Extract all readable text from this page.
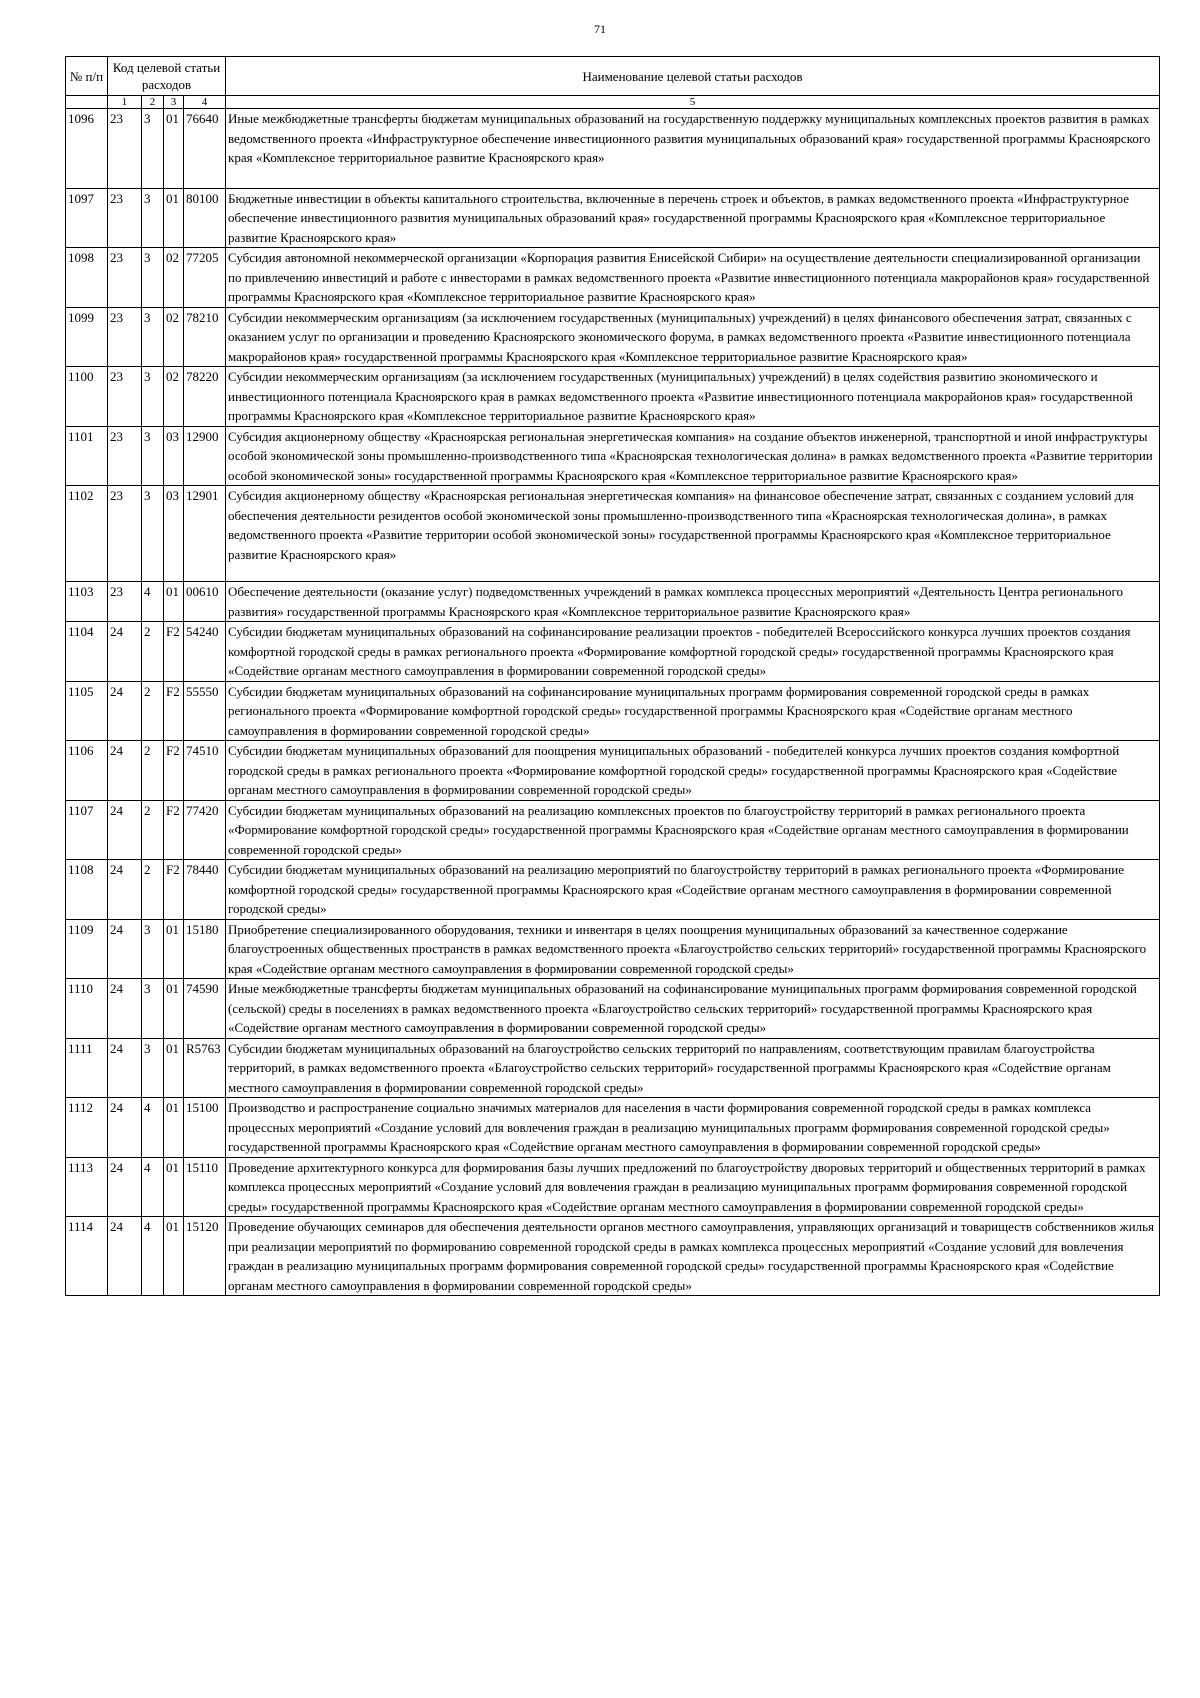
71
№ п/п	Код целевой статьи расходов				Наименование целевой статьи расходов
	1	2	3	4	5
1096	23	3	01	76640	Иные межбюджетные трансферты бюджетам муниципальных образований на государственную поддержку муниципальных комплексных проектов развития в рамках ведомственного проекта «Инфраструктурное обеспечение инвестиционного развития муниципальных образований края» государственной программы Красноярского края «Комплексное территориальное развитие Красноярского края»
1097	23	3	01	80100	Бюджетные инвестиции в объекты капитального строительства, включенные в перечень строек и объектов, в рамках ведомственного проекта «Инфраструктурное обеспечение инвестиционного развития муниципальных образований края» государственной программы Красноярского края «Комплексное территориальное развитие Красноярского края»
1098	23	3	02	77205	Субсидия автономной некоммерческой организации «Корпорация развития Енисейской Сибири» на осуществление деятельности специализированной организации по привлечению инвестиций и работе с инвесторами в рамках ведомственного проекта «Развитие инвестиционного потенциала макрорайонов края» государственной программы Красноярского края «Комплексное территориальное развитие Красноярского края»
1099	23	3	02	78210	Субсидии некоммерческим организациям (за исключением государственных (муниципальных) учреждений) в целях финансового обеспечения затрат, связанных с оказанием услуг по организации и проведению Красноярского экономического форума, в рамках ведомственного проекта «Развитие инвестиционного потенциала макрорайонов края» государственной программы Красноярского края «Комплексное территориальное развитие Красноярского края»
1100	23	3	02	78220	Субсидии некоммерческим организациям (за исключением государственных (муниципальных) учреждений) в целях содействия развитию экономического и инвестиционного потенциала Красноярского края в рамках ведомственного проекта «Развитие инвестиционного потенциала макрорайонов края» государственной программы Красноярского края «Комплексное территориальное развитие Красноярского края»
1101	23	3	03	12900	Субсидия акционерному обществу «Красноярская региональная энергетическая компания» на создание объектов инженерной, транспортной и иной инфраструктуры особой экономической зоны промышленно-производственного типа «Красноярская технологическая долина» в рамках ведомственного проекта «Развитие территории особой экономической зоны» государственной программы Красноярского края «Комплексное территориальное развитие Красноярского края»
1102	23	3	03	12901	Субсидия акционерному обществу «Красноярская региональная энергетическая компания» на финансовое обеспечение затрат, связанных с созданием условий для обеспечения деятельности резидентов особой экономической зоны промышленно-производственного типа «Красноярская технологическая долина», в рамках ведомственного проекта «Развитие территории особой экономической зоны» государственной программы Красноярского края «Комплексное территориальное развитие Красноярского края»
1103	23	4	01	00610	Обеспечение деятельности (оказание услуг) подведомственных учреждений в рамках комплекса процессных мероприятий «Деятельность Центра регионального развития» государственной программы Красноярского края «Комплексное территориальное развитие Красноярского края»
1104	24	2	F2	54240	Субсидии бюджетам муниципальных образований на софинансирование реализации проектов - победителей Всероссийского конкурса лучших проектов создания комфортной городской среды в рамках регионального проекта «Формирование комфортной городской среды» государственной программы Красноярского края «Содействие органам местного самоуправления в формировании современной городской среды»
1105	24	2	F2	55550	Субсидии бюджетам муниципальных образований на софинансирование муниципальных программ формирования современной городской среды в рамках регионального проекта «Формирование комфортной городской среды» государственной программы Красноярского края «Содействие органам местного самоуправления в формировании современной городской среды»
1106	24	2	F2	74510	Субсидии бюджетам муниципальных образований для поощрения муниципальных образований - победителей конкурса лучших проектов создания комфортной городской среды в рамках регионального проекта «Формирование комфортной городской среды» государственной программы Красноярского края «Содействие органам местного самоуправления в формировании современной городской среды»
1107	24	2	F2	77420	Субсидии бюджетам муниципальных образований на реализацию комплексных проектов по благоустройству территорий в рамках регионального проекта «Формирование комфортной городской среды» государственной программы Красноярского края «Содействие органам местного самоуправления в формировании современной городской среды»
1108	24	2	F2	78440	Субсидии бюджетам муниципальных образований на реализацию мероприятий по благоустройству территорий в рамках регионального проекта «Формирование комфортной городской среды» государственной программы Красноярского края «Содействие органам местного самоуправления в формировании современной городской среды»
1109	24	3	01	15180	Приобретение специализированного оборудования, техники и инвентаря в целях поощрения муниципальных образований за качественное содержание благоустроенных общественных пространств в рамках ведомственного проекта «Благоустройство сельских территорий» государственной программы Красноярского края «Содействие органам местного самоуправления в формировании современной городской среды»
1110	24	3	01	74590	Иные межбюджетные трансферты бюджетам муниципальных образований на софинансирование муниципальных программ формирования современной городской (сельской) среды в поселениях в рамках ведомственного проекта «Благоустройство сельских территорий» государственной программы Красноярского края «Содействие органам местного самоуправления в формировании современной городской среды»
1111	24	3	01	R5763	Субсидии бюджетам муниципальных образований на благоустройство сельских территорий по направлениям, соответствующим правилам благоустройства территорий, в рамках ведомственного проекта «Благоустройство сельских территорий» государственной программы Красноярского края «Содействие органам местного самоуправления в формировании современной городской среды»
1112	24	4	01	15100	Производство и распространение социально значимых материалов для населения в части формирования современной городской среды в рамках комплекса процессных мероприятий «Создание условий для вовлечения граждан в реализацию муниципальных программ формирования современной городской среды» государственной программы Красноярского края «Содействие органам местного самоуправления в формировании современной городской среды»
1113	24	4	01	15110	Проведение архитектурного конкурса для формирования базы лучших предложений по благоустройству дворовых территорий и общественных территорий в рамках комплекса процессных мероприятий «Создание условий для вовлечения граждан в реализацию муниципальных программ формирования современной городской среды» государственной программы Красноярского края «Содействие органам местного самоуправления в формировании современной городской среды»
1114	24	4	01	15120	Проведение обучающих семинаров для обеспечения деятельности органов местного самоуправления, управляющих организаций и товариществ собственников жилья при реализации мероприятий по формированию современной городской среды в рамках комплекса процессных мероприятий «Создание условий для вовлечения граждан в реализацию муниципальных программ формирования современной городской среды» государственной программы Красноярского края «Содействие органам местного самоуправления в формировании современной городской среды»
